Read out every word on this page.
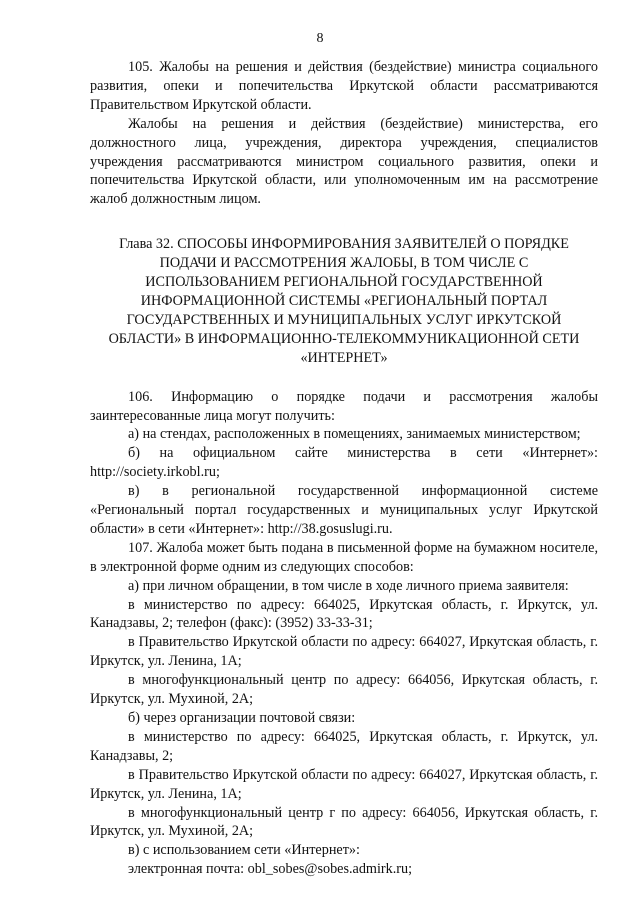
8

105. Жалобы на решения и действия (бездействие) министра социального развития, опеки и попечительства Иркутской области рассматриваются Правительством Иркутской области.

Жалобы на решения и действия (бездействие) министерства, его должностного лица, учреждения, директора учреждения, специалистов учреждения рассматриваются министром социального развития, опеки и попечительства Иркутской области, или уполномоченным им на рассмотрение жалоб должностным лицом.

Глава 32. СПОСОБЫ ИНФОРМИРОВАНИЯ ЗАЯВИТЕЛЕЙ О ПОРЯДКЕ
ПОДАЧИ И РАССМОТРЕНИЯ ЖАЛОБЫ, В ТОМ ЧИСЛЕ С
ИСПОЛЬЗОВАНИЕМ РЕГИОНАЛЬНОЙ ГОСУДАРСТВЕННОЙ
ИНФОРМАЦИОННОЙ СИСТЕМЫ «РЕГИОНАЛЬНЫЙ ПОРТАЛ
ГОСУДАРСТВЕННЫХ И МУНИЦИПАЛЬНЫХ УСЛУГ ИРКУТСКОЙ
ОБЛАСТИ» В ИНФОРМАЦИОННО-ТЕЛЕКОММУНИКАЦИОННОЙ СЕТИ
«ИНТЕРНЕТ»

106. Информацию о порядке подачи и рассмотрения жалобы заинтересованные лица могут получить:

а) на стендах, расположенных в помещениях, занимаемых министерством;

б) на официальном сайте министерства в сети «Интернет»: http://society.irkobl.ru;

в) в региональной государственной информационной системе «Региональный портал государственных и муниципальных услуг Иркутской области» в сети «Интернет»: http://38.gosuslugi.ru.

107. Жалоба может быть подана в письменной форме на бумажном носителе, в электронной форме одним из следующих способов:

а) при личном обращении, в том числе в ходе личного приема заявителя:

в министерство по адресу: 664025, Иркутская область, г. Иркутск, ул. Канадзавы, 2; телефон (факс): (3952) 33-33-31;

в Правительство Иркутской области по адресу: 664027, Иркутская область, г. Иркутск, ул. Ленина, 1А;

в многофункциональный центр по адресу: 664056, Иркутская область, г. Иркутск, ул. Мухиной, 2А;

б) через организации почтовой связи:

в министерство по адресу: 664025, Иркутская область, г. Иркутск, ул. Канадзавы, 2;

в Правительство Иркутской области по адресу: 664027, Иркутская область, г. Иркутск, ул. Ленина, 1А;

в многофункциональный центр г по адресу: 664056, Иркутская область, г. Иркутск, ул. Мухиной, 2А;

в) с использованием сети «Интернет»:

электронная почта: obl_sobes@sobes.admirk.ru;
